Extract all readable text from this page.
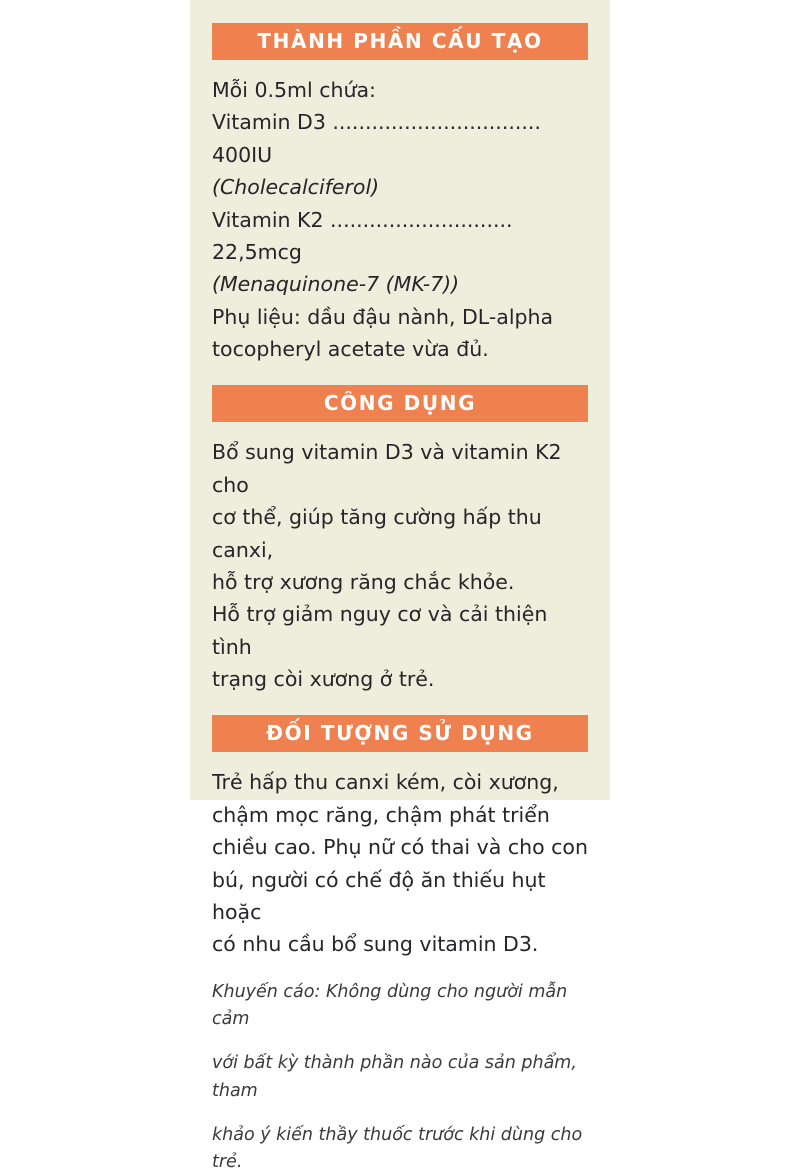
THÀNH PHẦN CẤU TẠO

Mỗi 0.5ml chứa:

Vitamin D3 ................................ 400IU

(Cholecalciferol)

Vitamin K2 ............................ 22,5mcg

(Menaquinone-7 (MK-7))

Phụ liệu: dầu đậu nành, DL-alpha

tocopheryl acetate vừa đủ.

CÔNG DỤNG

Bổ sung vitamin D3 và vitamin K2 cho

cơ thể, giúp tăng cường hấp thu canxi,

hỗ trợ xương răng chắc khỏe.

Hỗ trợ giảm nguy cơ và cải thiện tình

trạng còi xương ở trẻ.

ĐỐI TƯỢNG SỬ DỤNG

Trẻ hấp thu canxi kém, còi xương,

chậm mọc răng, chậm phát triển

chiều cao. Phụ nữ có thai và cho con

bú, người có chế độ ăn thiếu hụt hoặc

có nhu cầu bổ sung vitamin D3.

Khuyến cáo: Không dùng cho người mẫn cảm

với bất kỳ thành phần nào của sản phẩm, tham

khảo ý kiến thầy thuốc trước khi dùng cho trẻ.
